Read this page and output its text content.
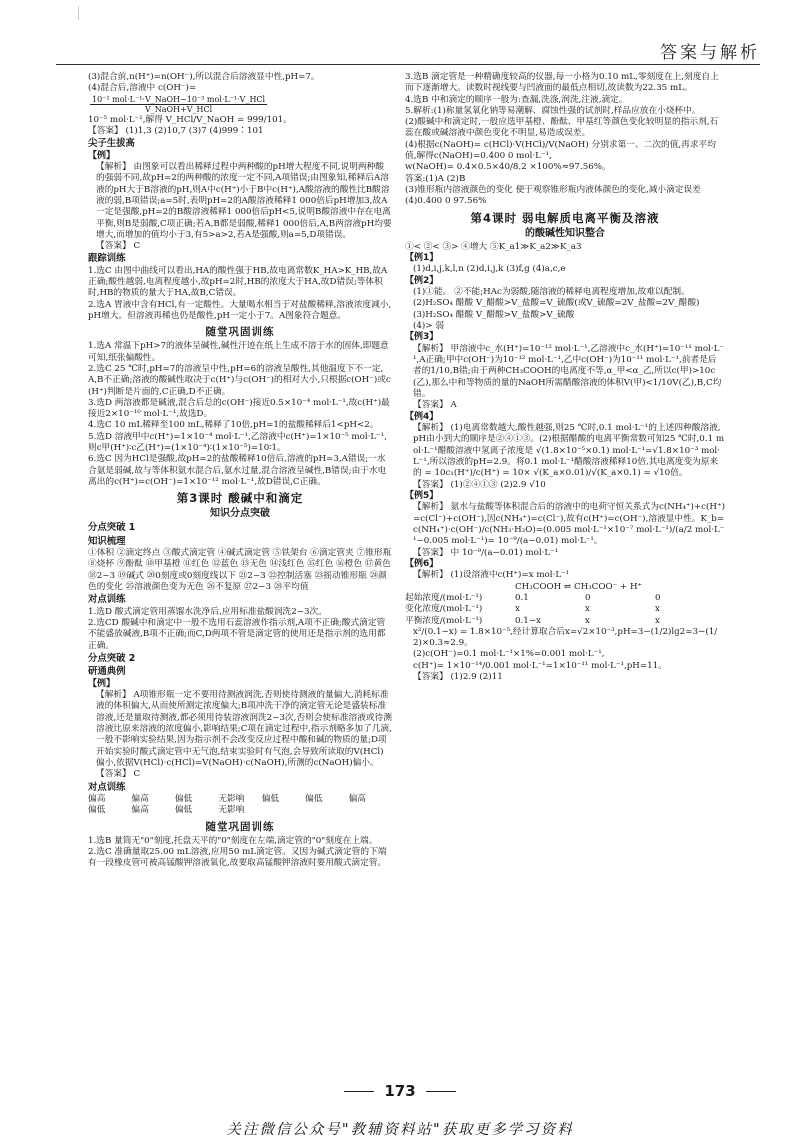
答案与解析

(3)混合前,n(H⁺)=n(OH⁻),所以混合后溶液显中性,pH=7。

(4)混合后,溶液中 c(OH⁻)=

$\frac{\text{10⁻² mol·L⁻¹·V\_NaOH−10⁻³ mol·L⁻¹·V\_HCl}}{\text{V\_NaOH+V\_HCl}}$

10⁻⁵ mol·L⁻¹,解得 V_HCl/V_NaOH = 999/101。

【答案】 (1)1,3 (2)10,7 (3)7 (4)999∶101

尖子生拔高
【例】

【解析】 由图象可以看出稀释过程中两种酸的pH增大程度不同,说明两种酸的强弱不同,故pH=2的两种酸的浓度一定不同,A项错误;由图象知,稀释后A溶液的pH大于B溶液的pH,则A中c(H⁺)小于B中c(H⁺),A酸溶液的酸性比B酸溶液的弱,B项错误;a=5时,表明pH=2的A酸溶液稀释1 000倍后pH增加3,故A一定是强酸,pH=2的B酸溶液稀释1 000倍后pH<5,说明B酸溶液中存在电离平衡,则B是弱酸,C项正确;若A,B都是弱酸,稀释1 000倍后,A,B两溶液pH均要增大,而增加的值均小于3,有5>a>2,若A是强酸,则a=5,D项错误。

【答案】 C

跟踪训练

1.选C 由图中曲线可以看出,HA的酸性强于HB,故电离常数K_HA>K_HB,故A正确;酸性越弱,电离程度越小,故pH=2时,HB的浓度大于HA,故D错误;等体积时,HB的物质的量大于HA,故B,C错误。

2.选A 胃液中含有HCl,有一定酸性。大量喝水相当于对盐酸稀释,溶液浓度减小,pH增大。但溶液再稀也仍是酸性,pH一定小于7。A图象符合题意。

随堂巩固训练

1.选A 常温下pH>7的液体呈碱性,碱性汗迹在纸上生成不溶于水的固体,即题意可知,纸张偏酸性。

2.选C 25 ℃时,pH=7的溶液呈中性,pH=6的溶液呈酸性,其他温度下不一定,A,B不正确;溶液的酸碱性取决于c(H⁺)与c(OH⁻)的相对大小,只根据c(OH⁻)或c(H⁺)判断是片面的,C正确,D不正确。

3.选D 两溶液都是碱液,混合后总的c(OH⁻)接近0.5×10⁻⁴ mol·L⁻¹,故c(H⁺)最接近2×10⁻¹⁰ mol·L⁻¹,故选D。

4.选C 10 mL稀释至100 mL,稀释了10倍,pH=1的盐酸稀释后1<pH<2。

5.选D 溶液甲中c(H⁺)=1×10⁻⁴ mol·L⁻¹,乙溶液中c(H⁺)=1×10⁻⁵ mol·L⁻¹,则c甲(H⁺)∶c乙(H⁺)=(1×10⁻⁴)∶(1×10⁻⁵)=10∶1。

6.选C 因为HCl是强酸,故pH=2的盐酸稀释10倍后,溶液的pH=3,A错误;一水合氨是弱碱,故与等体积氨水混合后,氨水过量,混合溶液呈碱性,B错误;由于水电离出的c(H⁺)=c(OH⁻)=1×10⁻¹² mol·L⁻¹,故D错误,C正确。

第3课时 酸碱中和滴定
知识分点突破
分点突破 1
知识梳理

①体积 ②滴定终点 ③酸式滴定管 ④碱式滴定管 ⑤铁架台 ⑥滴定管夹 ⑦锥形瓶 ⑧烧杯 ⑨酚酞 ⑩甲基橙 ⑪红色 ⑫蓝色 ⑬无色 ⑭浅红色 ⑮红色 ⑯橙色 ⑰黄色 ⑱2~3 ⑲碱式 ⑳0刻度或0刻度线以下 ㉑2~3 ㉒控制活塞 ㉓摇动锥形瓶 ㉔颜色的变化 ㉕溶液颜色变为无色 ㉖不复原 ㉗2~3 ㉘平均值

对点训练

1.选D 酸式滴定管用蒸馏水洗净后,应用标准盐酸润洗2~3次。

2.选CD 酸碱中和滴定中一般不选用石蕊溶液作指示剂,A项不正确;酸式滴定管不能盛放碱液,B项不正确;而C,D两项不管是滴定管的使用还是指示剂的选用都正确。

分点突破 2
研通典例
【例】

【解析】 A项锥形瓶一定不要用待测液润洗,否则使待测液的量偏大,消耗标准液的体积偏大,从而使所测定浓度偏大;B项冲洗干净的滴定管无论是盛装标准溶液,还是量取待测液,都必须用待装溶液润洗2~3次,否则会使标准溶液或待测溶液比原来溶液的浓度偏小,影响结果;C项在滴定过程中,指示剂略多加了几滴,一般不影响实验结果,因为指示剂不会改变反应过程中酸和碱的物质的量;D项开始实验时酸式滴定管中无气泡,结束实验时有气泡,会导致所读取的V(HCl)偏小,依据V(HCl)·c(HCl)=V(NaOH)·c(NaOH),所测的c(NaOH)偏小。

【答案】 C

对点训练
偏高	偏高	偏低	无影响	偏低	偏低	偏高
偏低	偏高	偏低	无影响
随堂巩固训练

1.选B 量筒无"0"刻度,托盘天平的"0"刻度在左端,滴定管的"0"刻度在上端。

2.选C 准确量取25.00 mL溶液,应用50 mL滴定管。又因为碱式滴定管的下端有一段橡皮管可被高锰酸钾溶液氧化,故要取高锰酸钾溶液时要用酸式滴定管。

3.选B 滴定管是一种精确度较高的仪器,每一小格为0.10 mL,零刻度在上,刻度自上而下逐渐增大。读数时视线要与凹液面的最低点相切,故读数为22.35 mL。

4.选B 中和滴定的顺序一般为:查漏,洗涤,润洗,注液,滴定。

5.解析:(1)称量氢氧化钠等易潮解、腐蚀性强的试剂时,样品应放在小烧杯中。

(2)酸碱中和滴定时,一般应选甲基橙、酚酞、甲基红等颜色变化较明显的指示剂,石蕊在酸或碱溶液中颜色变化不明显,易造成误差。

(4)根据c(NaOH)= c(HCl)·V(HCl)/V(NaOH) 分别求第一、二次的值,再求平均值,解得c(NaOH)=0.400 0 mol·L⁻¹,

w(NaOH)= 0.4×0.5×40/8.2 ×100%≈97.56%。

答案:(1)A (2)B

(3)锥形瓶内溶液颜色的变化 便于观察锥形瓶内液体颜色的变化,减小滴定误差

(4)0.400 0 97.56%

第4课时 弱电解质电离平衡及溶液
的酸碱性知识整合

①< ②< ③> ④增大 ⑤K_a1≫K_a2≫K_a3

【例1】

(1)d,i,j,k,l,n (2)d,i,j,k (3)f,g (4)a,c,e

【例2】

(1)①能。 ②不能;HAc为弱酸,随溶液的稀释电离程度增加,故难以配制。

(2)H₂SO₄ 醋酸 V_醋酸>V_盐酸=V_硫酸(或V_硫酸=2V_盐酸=2V_醋酸)

(3)H₂SO₄ 醋酸 V_醋酸>V_盐酸>V_硫酸

(4)> 弱

【例3】

【解析】 甲溶液中c_水(H⁺)=10⁻¹² mol·L⁻¹,乙溶液中c_水(H⁺)=10⁻¹¹ mol·L⁻¹,A正确;甲中c(OH⁻)为10⁻¹² mol·L⁻¹,乙中c(OH⁻)为10⁻¹¹ mol·L⁻¹,前者是后者的1/10,B错;由于两种CH₃COOH的电离度不等,α_甲<α_乙,所以c(甲)>10c(乙),那么中和等物质的量的NaOH所需醋酸溶液的体积V(甲)<1/10V(乙),B,C均错。

【答案】 A

【例4】

【解析】 (1)电离常数越大,酸性越强,则25 ℃时,0.1 mol·L⁻¹的上述四种酸溶液,pH由小到大的顺序是②④①③。(2)根据醋酸的电离平衡常数可知25 ℃时,0.1 mol·L⁻¹醋酸溶液中氢离子浓度是 √(1.8×10⁻⁵×0.1) mol·L⁻¹=√1.8×10⁻³ mol·L⁻¹,所以溶液的pH=2.9。将0.1 mol·L⁻¹醋酸溶液稀释10倍,其电离度变为原来的 = 10c₁(H⁺)/c(H⁺) = 10× √(K_a×0.01)/√(K_a×0.1) = √10倍。

【答案】 (1)②④①③ (2)2.9 √10

【例5】

【解析】 氨水与盐酸等体积混合后的溶液中的电荷守恒关系式为c(NH₄⁺)+c(H⁺)=c(Cl⁻)+c(OH⁻),因c(NH₄⁺)=c(Cl⁻),故有c(H⁺)=c(OH⁻),溶液显中性。K_b=c(NH₄⁺)·c(OH⁻)/c(NH₃·H₂O)=(0.005 mol·L⁻¹×10⁻⁷ mol·L⁻¹)/(a/2 mol·L⁻¹−0.005 mol·L⁻¹)= 10⁻⁹/(a−0.01) mol·L⁻¹。

【答案】 中 10⁻⁹/(a−0.01) mol·L⁻¹

【例6】

【解析】 (1)设溶液中c(H⁺)=x mol·L⁻¹

CH₃COOH ⇌ CH₃COO⁻ + H⁺

起始浓度/(mol·L⁻¹)	0.1	0	0
变化浓度/(mol·L⁻¹)	x	x	x
平衡浓度/(mol·L⁻¹)	0.1−x	x	x

x²/(0.1−x) = 1.8×10⁻⁵,经计算取合后x=√2×10⁻³,pH=3−(1/2)lg2=3−(1/2)×0.3≈2.9。

(2)c(OH⁻)=0.1 mol·L⁻¹×1%=0.001 mol·L⁻¹,

c(H⁺)= 1×10⁻¹⁴/0.001 mol·L⁻¹=1×10⁻¹¹ mol·L⁻¹,pH=11。

【答案】 (1)2.9 (2)11

173
关注微信公众号"教辅资料站"获取更多学习资料
